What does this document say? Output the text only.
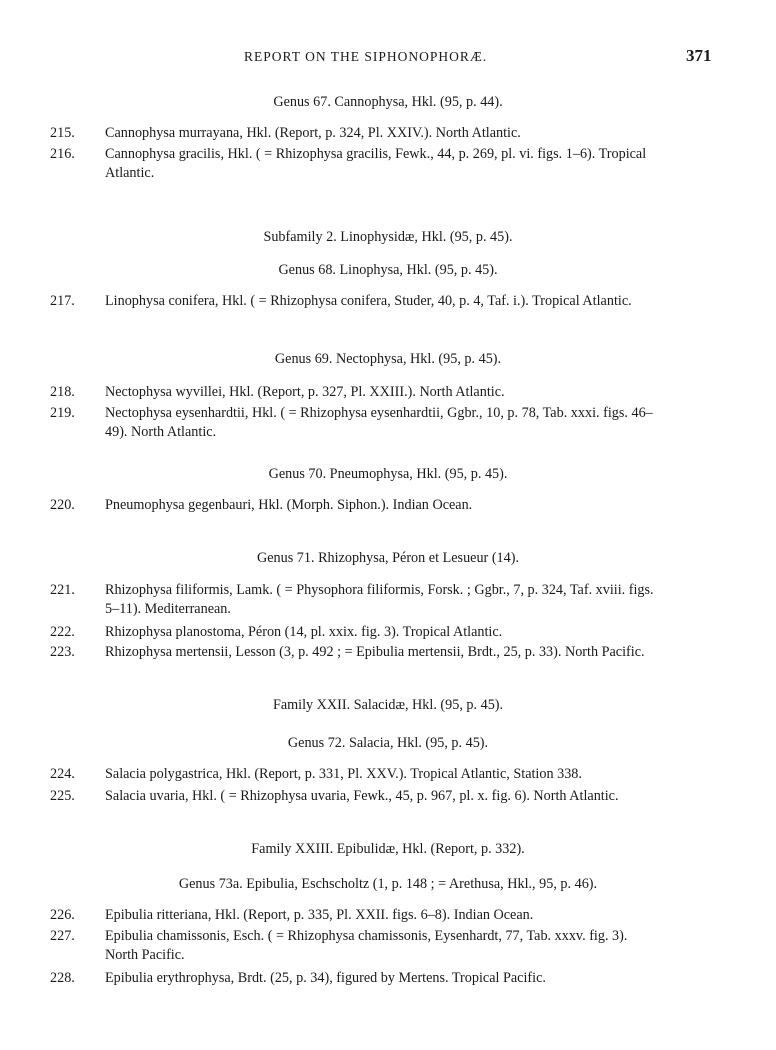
REPORT ON THE SIPHONOPHORÆ.	371
Genus 67. Cannophysa, Hkl. (95, p. 44).
215. Cannophysa murrayana, Hkl. (Report, p. 324, Pl. XXIV.). North Atlantic.
216. Cannophysa gracilis, Hkl. ( = Rhizophysa gracilis, Fewk., 44, p. 269, pl. vi. figs. 1–6). Tropical
Atlantic.
Subfamily 2. Linophysidæ, Hkl. (95, p. 45).
Genus 68. Linophysa, Hkl. (95, p. 45).
217. Linophysa conifera, Hkl. ( = Rhizophysa conifera, Studer, 40, p. 4, Taf. i.). Tropical Atlantic.
Genus 69. Nectophysa, Hkl. (95, p. 45).
218. Nectophysa wyvillei, Hkl. (Report, p. 327, Pl. XXIII.). North Atlantic.
219. Nectophysa eysenhardtii, Hkl. ( = Rhizophysa eysenhardtii, Ggbr., 10, p. 78, Tab. xxxi. figs. 46–
49). North Atlantic.
Genus 70. Pneumophysa, Hkl. (95, p. 45).
220. Pneumophysa gegenbauri, Hkl. (Morph. Siphon.). Indian Ocean.
Genus 71. Rhizophysa, Péron et Lesueur (14).
221. Rhizophysa filiformis, Lamk. ( = Physophora filiformis, Forsk. ; Ggbr., 7, p. 324, Taf. xviii. figs.
5–11). Mediterranean.
222. Rhizophysa planostoma, Péron (14, pl. xxix. fig. 3). Tropical Atlantic.
223. Rhizophysa mertensii, Lesson (3, p. 492 ; = Epibulia mertensii, Brdt., 25, p. 33). North Pacific.
Family XXII. Salacidæ, Hkl. (95, p. 45).
Genus 72. Salacia, Hkl. (95, p. 45).
224. Salacia polygastrica, Hkl. (Report, p. 331, Pl. XXV.). Tropical Atlantic, Station 338.
225. Salacia uvaria, Hkl. ( = Rhizophysa uvaria, Fewk., 45, p. 967, pl. x. fig. 6). North Atlantic.
Family XXIII. Epibulidæ, Hkl. (Report, p. 332).
Genus 73a. Epibulia, Eschscholtz (1, p. 148 ; = Arethusa, Hkl., 95, p. 46).
226. Epibulia ritteriana, Hkl. (Report, p. 335, Pl. XXII. figs. 6–8). Indian Ocean.
227. Epibulia chamissonis, Esch. ( = Rhizophysa chamissonis, Eysenhardt, 77, Tab. xxxv. fig. 3).
North Pacific.
228. Epibulia erythrophysa, Brdt. (25, p. 34), figured by Mertens. Tropical Pacific.
